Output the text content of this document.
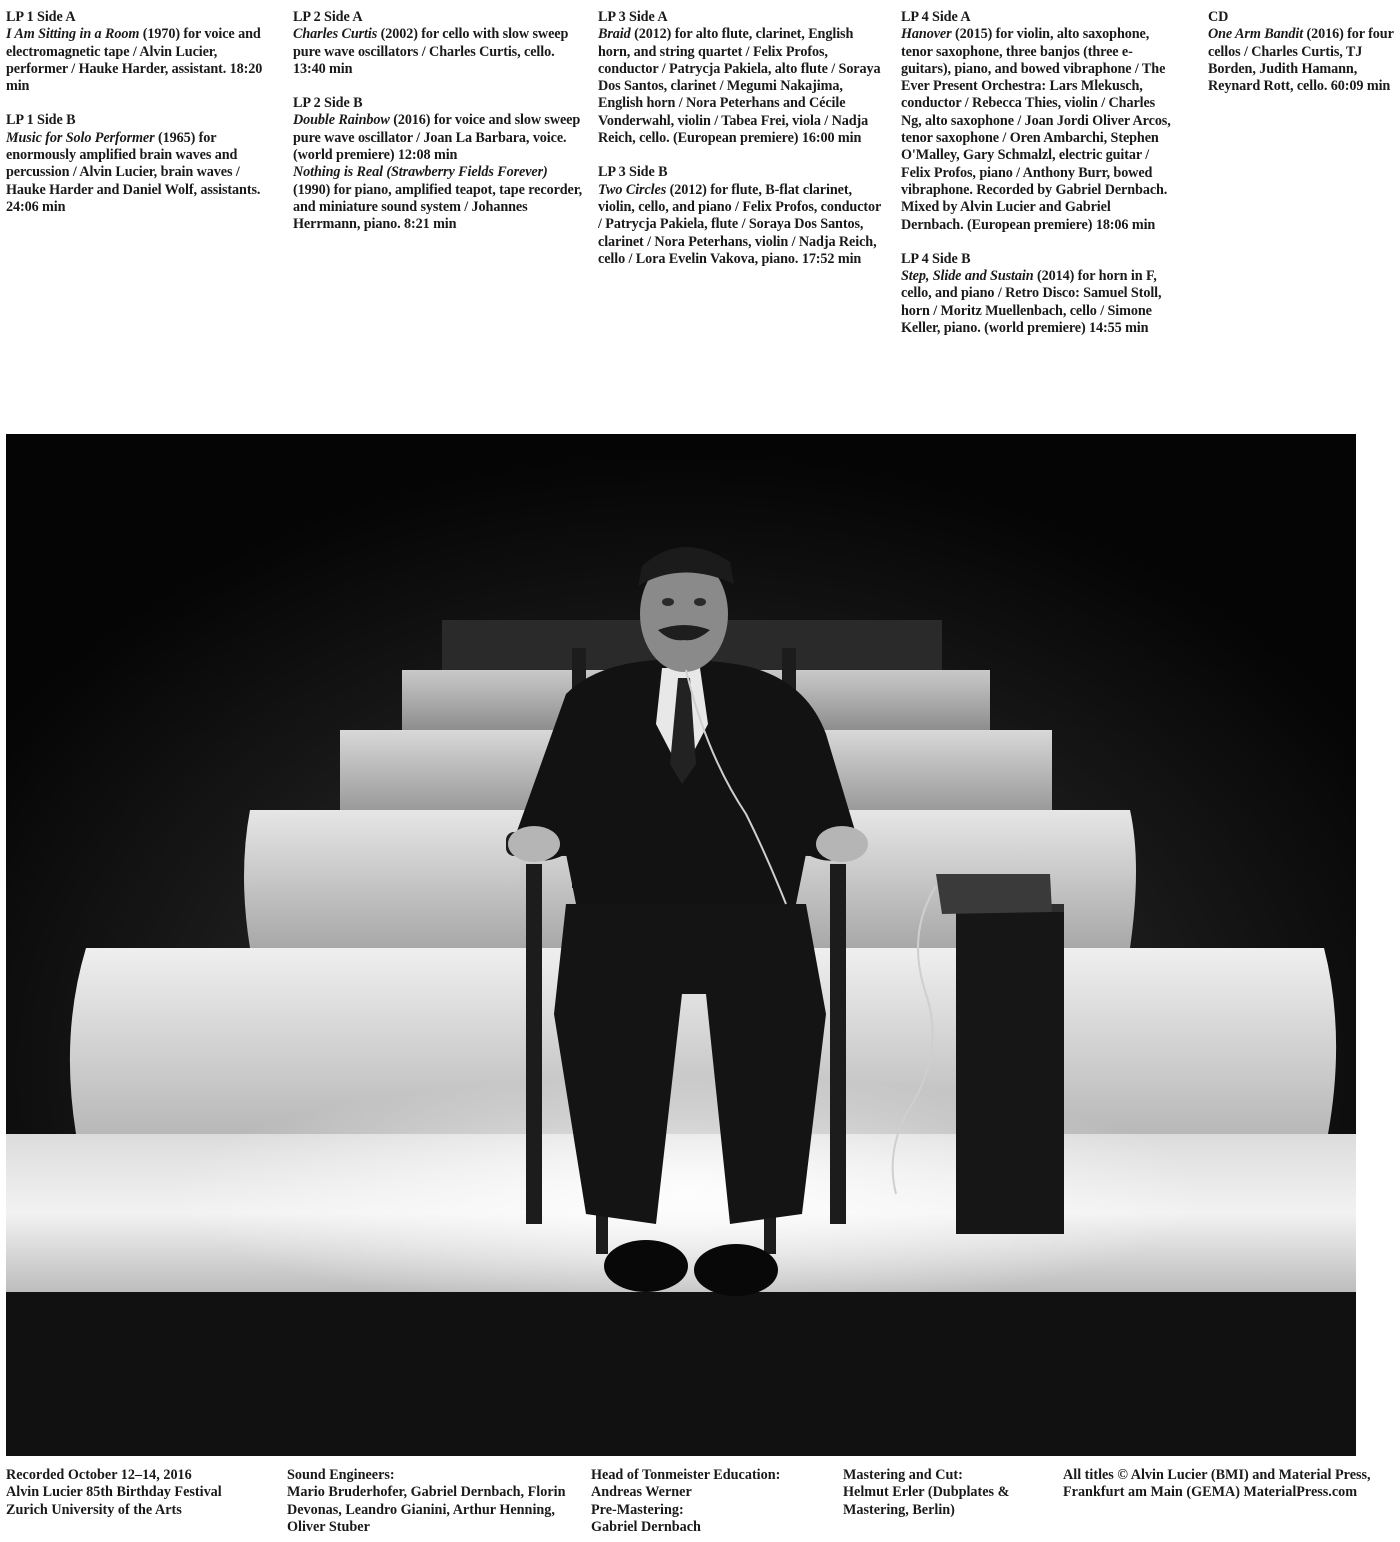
LP 1 Side A
I Am Sitting in a Room (1970) for voice and electromagnetic tape / Alvin Lucier, performer / Hauke Harder, assistant. 18:20 min
LP 1 Side B
Music for Solo Performer (1965) for enormously amplified brain waves and percussion / Alvin Lucier, brain waves / Hauke Harder and Daniel Wolf, assistants. 24:06 min
LP 2 Side A
Charles Curtis (2002) for cello with slow sweep pure wave oscillators / Charles Curtis, cello. 13:40 min
LP 2 Side B
Double Rainbow (2016) for voice and slow sweep pure wave oscillator / Joan La Barbara, voice. (world premiere) 12:08 min
Nothing is Real (Strawberry Fields Forever) (1990) for piano, amplified teapot, tape recorder, and miniature sound system / Johannes Herrmann, piano. 8:21 min
LP 3 Side A
Braid (2012) for alto flute, clarinet, English horn, and string quartet / Felix Profos, conductor / Patrycja Pakiela, alto flute / Soraya Dos Santos, clarinet / Megumi Nakajima, English horn / Nora Peterhans and Cécile Vonderwahl, violin / Tabea Frei, viola / Nadja Reich, cello. (European premiere) 16:00 min
LP 3 Side B
Two Circles (2012) for flute, B-flat clarinet, violin, cello, and piano / Felix Profos, conductor / Patrycja Pakiela, flute / Soraya Dos Santos, clarinet / Nora Peterhans, violin / Nadja Reich, cello / Lora Evelin Vakova, piano. 17:52 min
LP 4 Side A
Hanover (2015) for violin, alto saxophone, tenor saxophone, three banjos (three e-guitars), piano, and bowed vibraphone / The Ever Present Orchestra: Lars Mlekusch, conductor / Rebecca Thies, violin / Charles Ng, alto saxophone / Joan Jordi Oliver Arcos, tenor saxophone / Oren Ambarchi, Stephen O'Malley, Gary Schmalzl, electric guitar / Felix Profos, piano / Anthony Burr, bowed vibraphone. Recorded by Gabriel Dernbach. Mixed by Alvin Lucier and Gabriel Dernbach. (European premiere) 18:06 min
LP 4 Side B
Step, Slide and Sustain (2014) for horn in F, cello, and piano / Retro Disco: Samuel Stoll, horn / Moritz Muellenbach, cello / Simone Keller, piano. (world premiere) 14:55 min
CD
One Arm Bandit (2016) for four cellos / Charles Curtis, TJ Borden, Judith Hamann, Reynard Rott, cello. 60:09 min
Recorded October 12–14, 2016
Alvin Lucier 85th Birthday Festival
Zurich University of the Arts
Sound Engineers:
Mario Bruderhofer, Gabriel Dernbach, Florin Devonas, Leandro Gianini, Arthur Henning, Oliver Stuber
Head of Tonmeister Education:
Andreas Werner
Pre-Mastering:
Gabriel Dernbach
Mastering and Cut:
Helmut Erler (Dubplates & Mastering, Berlin)
All titles © Alvin Lucier (BMI) and Material Press, Frankfurt am Main (GEMA) MaterialPress.com
